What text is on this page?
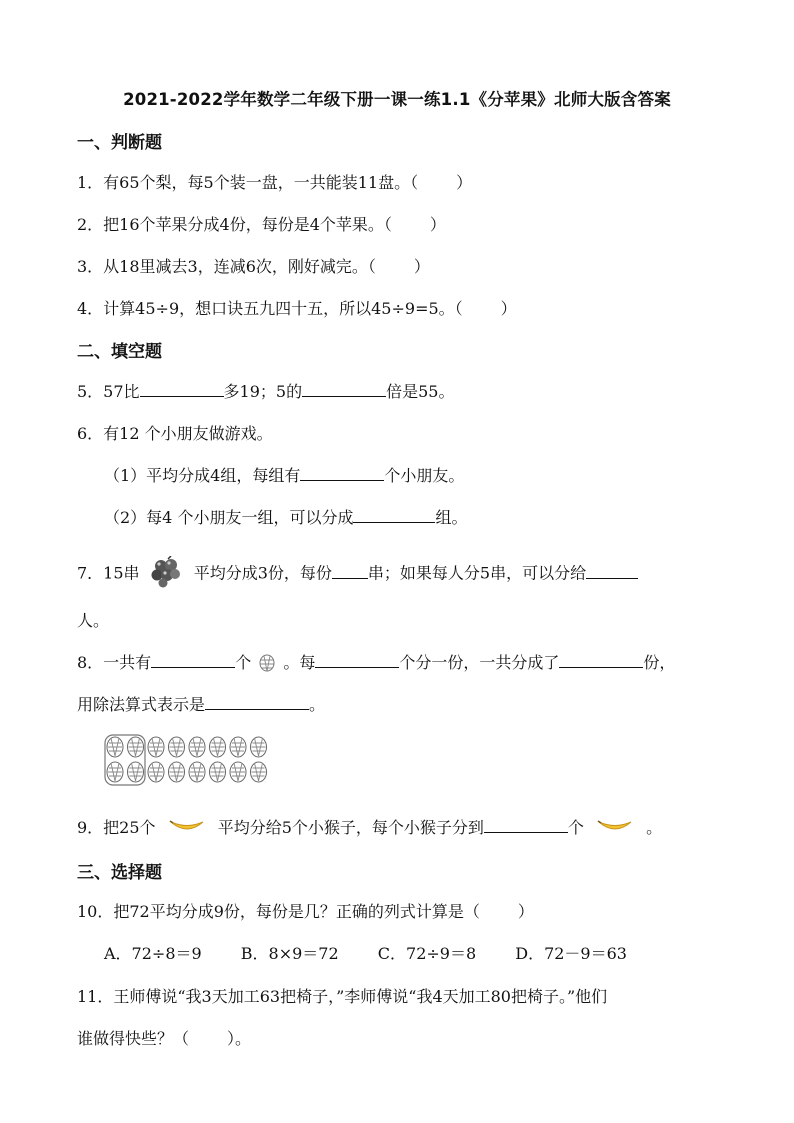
2021-2022学年数学二年级下册一课一练1.1《分苹果》北师大版含答案
一、判断题
1．有65个梨，每5个装一盘，一共能装11盘。（ ）
2．把16个苹果分成4份，每份是4个苹果。（ ）
3．从18里减去3，连减6次，刚好减完。（ ）
4．计算45÷9，想口诀五九四十五，所以45÷9=5。（ ）
二、填空题
5．57比	多19；5的	倍是55。
6．有12 个小朋友做游戏。
（1）平均分成4组，每组有	个小朋友。
（2）每4 个小朋友一组，可以分成	组。
7．15串	平均分成3份，每份 串；如果每人分5串，可以分给
人。
8．一共有	个 。每	个分一份，一共分成了	份，
用除法算式表示是	。
9．把25个	平均分给5个小猴子，每个小猴子分到	个	。
三、选择题
10．把72平均分成9份，每份是几？正确的列式计算是（ ）
A．72÷8＝9 B．8×9＝72 C．72÷9＝8 D．72－9＝63
11．王师傅说“我3天加工63把椅子，”李师傅说“我4天加工80把椅子。”他们
谁做得快些？（ ）。
